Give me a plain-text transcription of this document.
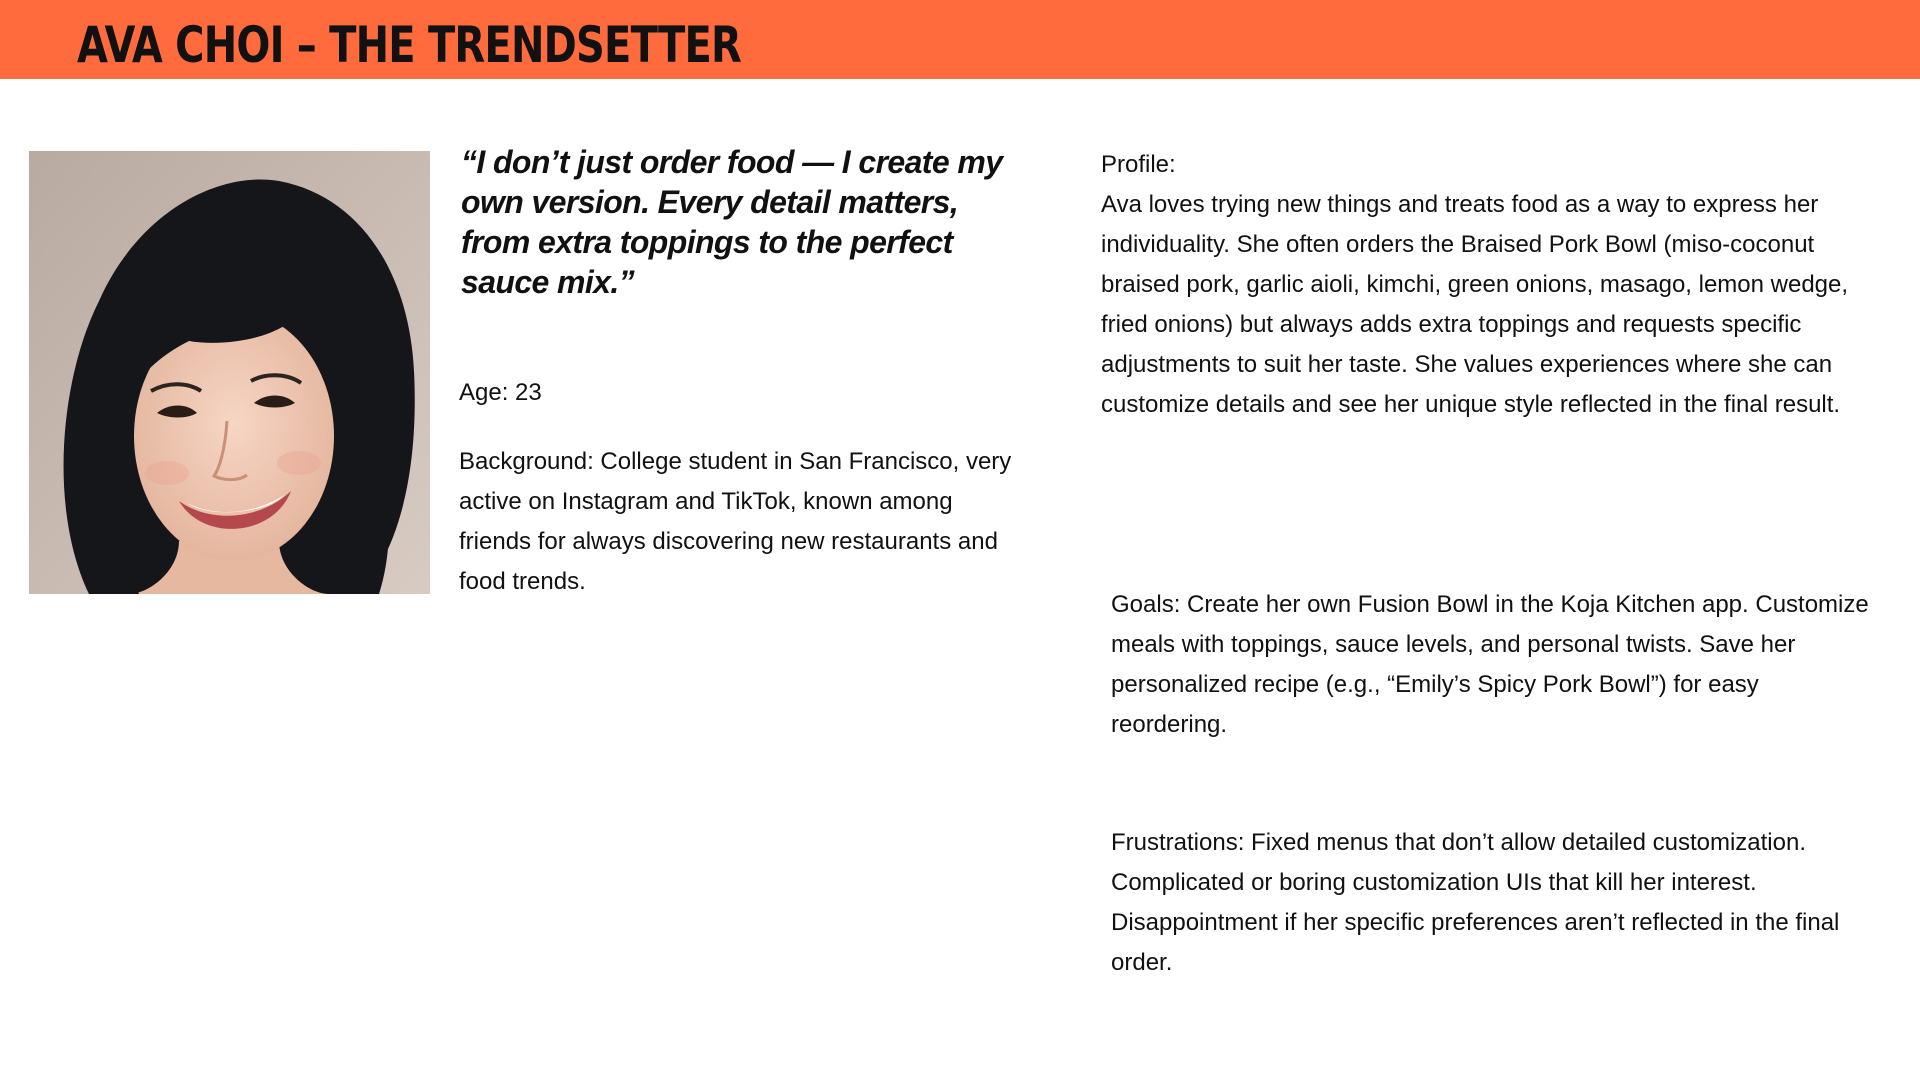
AVA CHOI – THE TRENDSETTER

“I don’t just order food — I create my own version. Every detail matters, from extra toppings to the perfect sauce mix.”

Age: 23

Background: College student in San Francisco, very active on Instagram and TikTok, known among friends for always discovering new restaurants and food trends.

Profile:

Ava loves trying new things and treats food as a way to express her individuality. She often orders the Braised Pork Bowl (miso-coconut braised pork, garlic aioli, kimchi, green onions, masago, lemon wedge, fried onions) but always adds extra toppings and requests specific adjustments to suit her taste. She values experiences where she can customize details and see her unique style reflected in the final result.

Goals: Create her own Fusion Bowl in the Koja Kitchen app. Customize meals with toppings, sauce levels, and personal twists. Save her personalized recipe (e.g., “Emily’s Spicy Pork Bowl”) for easy reordering.

Frustrations: Fixed menus that don’t allow detailed customization. Complicated or boring customization UIs that kill her interest. Disappointment if her specific preferences aren’t reflected in the final order.
